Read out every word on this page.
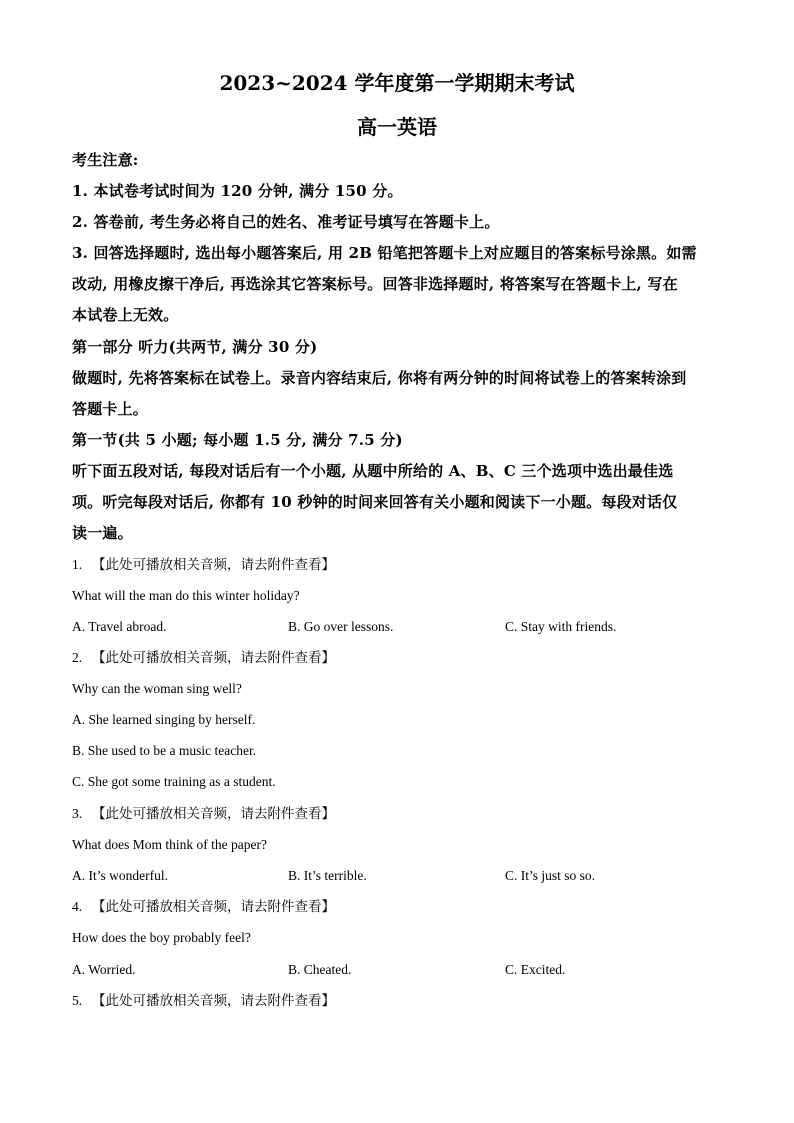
2023~2024 学年度第一学期期末考试
高一英语

考生注意:

1. 本试卷考试时间为 120 分钟, 满分 150 分。

2. 答卷前, 考生务必将自己的姓名、准考证号填写在答题卡上。

3. 回答选择题时, 选出每小题答案后, 用 2B 铅笔把答题卡上对应题目的答案标号涂黑。如需

改动, 用橡皮擦干净后, 再选涂其它答案标号。回答非选择题时, 将答案写在答题卡上, 写在

本试卷上无效。

第一部分 听力(共两节, 满分 30 分)

做题时, 先将答案标在试卷上。录音内容结束后, 你将有两分钟的时间将试卷上的答案转涂到

答题卡上。

第一节(共 5 小题; 每小题 1.5 分, 满分 7.5 分)

听下面五段对话, 每段对话后有一个小题, 从题中所给的 A、B、C 三个选项中选出最佳选

项。听完每段对话后, 你都有 10 秒钟的时间来回答有关小题和阅读下一小题。每段对话仅

读一遍。

1. 【此处可播放相关音频，请去附件查看】

What will the man do this winter holiday?

A. Travel abroad.	B. Go over lessons.	C. Stay with friends.
2. 【此处可播放相关音频，请去附件查看】

Why can the woman sing well?

A. She learned singing by herself.

B. She used to be a music teacher.

C. She got some training as a student.

3. 【此处可播放相关音频，请去附件查看】

What does Mom think of the paper?

A. It’s wonderful.	B. It’s terrible.	C. It’s just so so.
4. 【此处可播放相关音频，请去附件查看】

How does the boy probably feel?

A. Worried.	B. Cheated.	C. Excited.
5. 【此处可播放相关音频，请去附件查看】
